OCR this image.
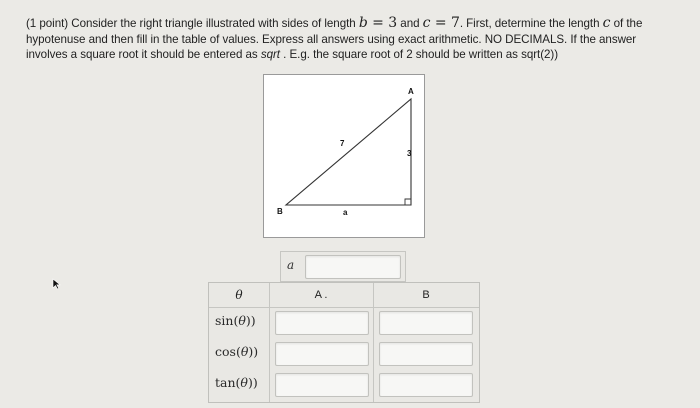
(1 point) Consider the right triangle illustrated with sides of length b = 3 and c = 7. First, determine the length c of the hypotenuse and then fill in the table of values. Express all answers using exact arithmetic. NO DECIMALS. If the answer involves a square root it should be entered as sqrt . E.g. the square root of 2 should be written as sqrt(2))
A
B
7
3
a
a
θ	A .	B
sin(θ))
cos(θ))
tan(θ))
